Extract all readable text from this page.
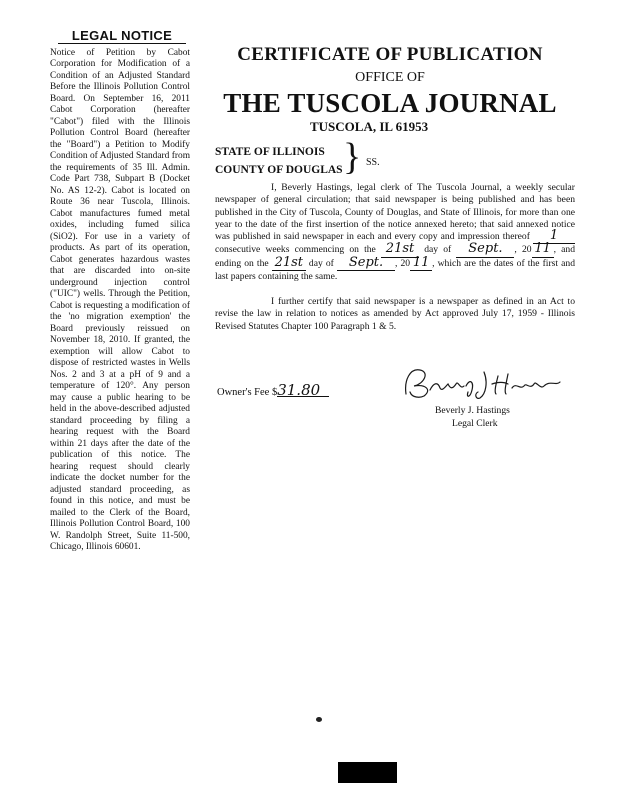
LEGAL NOTICE

Notice of Petition by Cabot Corporation for Modification of a Condition of an Adjusted Standard Before the Illinois Pollution Control Board. On September 16, 2011 Cabot Corporation (hereafter "Cabot") filed with the Illinois Pollution Control Board (hereafter the "Board") a Petition to Modify Condition of Adjusted Standard from the requirements of 35 Ill. Admin. Code Part 738, Subpart B (Docket No. AS 12-2). Cabot is located on Route 36 near Tuscola, Illinois. Cabot manufactures fumed metal oxides, including fumed silica (SiO2). For use in a variety of products. As part of its operation, Cabot generates hazardous wastes that are discarded into on-site underground injection control ("UIC") wells. Through the Petition, Cabot is requesting a modification of the 'no migration exemption' the Board previously reissued on November 18, 2010. If granted, the exemption will allow Cabot to dispose of restricted wastes in Wells Nos. 2 and 3 at a pH of 9 and a temperature of 120°. Any person may cause a public hearing to be held in the above-described adjusted standard proceeding by filing a hearing request with the Board within 21 days after the date of the publication of this notice. The hearing request should clearly indicate the docket number for the adjusted standard proceeding, as found in this notice, and must be mailed to the Clerk of the Board, Illinois Pollution Control Board, 100 W. Randolph Street, Suite 11-500, Chicago, Illinois 60601.

CERTIFICATE OF PUBLICATION
OFFICE OF
THE TUSCOLA JOURNAL
TUSCOLA, IL 61953
STATE OF ILLINOIS
COUNTY OF DOUGLAS } SS.
I, Beverly Hastings, legal clerk of The Tuscola Journal, a weekly secular newspaper of general circulation; that said newspaper is being published and has been published in the City of Tuscola, County of Douglas, and State of Illinois, for more than one year to the date of the first insertion of the notice annexed hereto; that said annexed notice was published in said newspaper in each and every copy and impression thereof 1 consecutive weeks commencing on the 21st day of Sept. , 20 11 , and ending on the 21st day of Sept. , 20 11 , which are the dates of the first and last papers containing the same.
I further certify that said newspaper is a newspaper as defined in an Act to revise the law in relation to notices as amended by Act approved July 17, 1959 - Illinois Revised Statutes Chapter 100 Paragraph 1 & 5.
Owner's Fee $31.80
Beverly J. Hastings
Legal Clerk
